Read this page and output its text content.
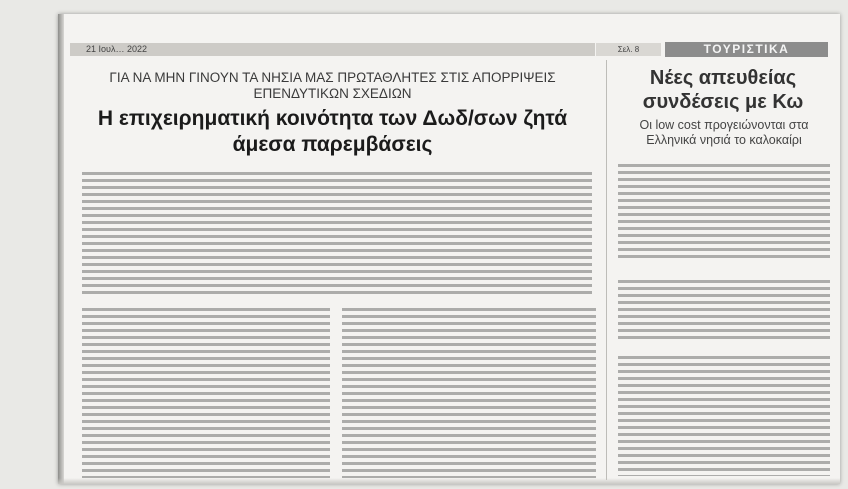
21 Ιουλ… 2022	Σελ. 8	ΤΟΥΡΙΣΤΙΚΑ
ΓΙΑ ΝΑ ΜΗΝ ΓΙΝΟΥΝ ΤΑ ΝΗΣΙΑ ΜΑΣ ΠΡΩΤΑΘΛΗΤΕΣ ΣΤΙΣ ΑΠΟΡΡΙΨΕΙΣ ΕΠΕΝΔΥΤΙΚΩΝ ΣΧΕΔΙΩΝ
Η επιχειρηματική κοινότητα των Δωδ/σων ζητά άμεσα παρεμβάσεις
Νέες απευθείας συνδέσεις με Κω
Οι low cost προγειώνονται στα Ελληνικά νησιά το καλοκαίρι
